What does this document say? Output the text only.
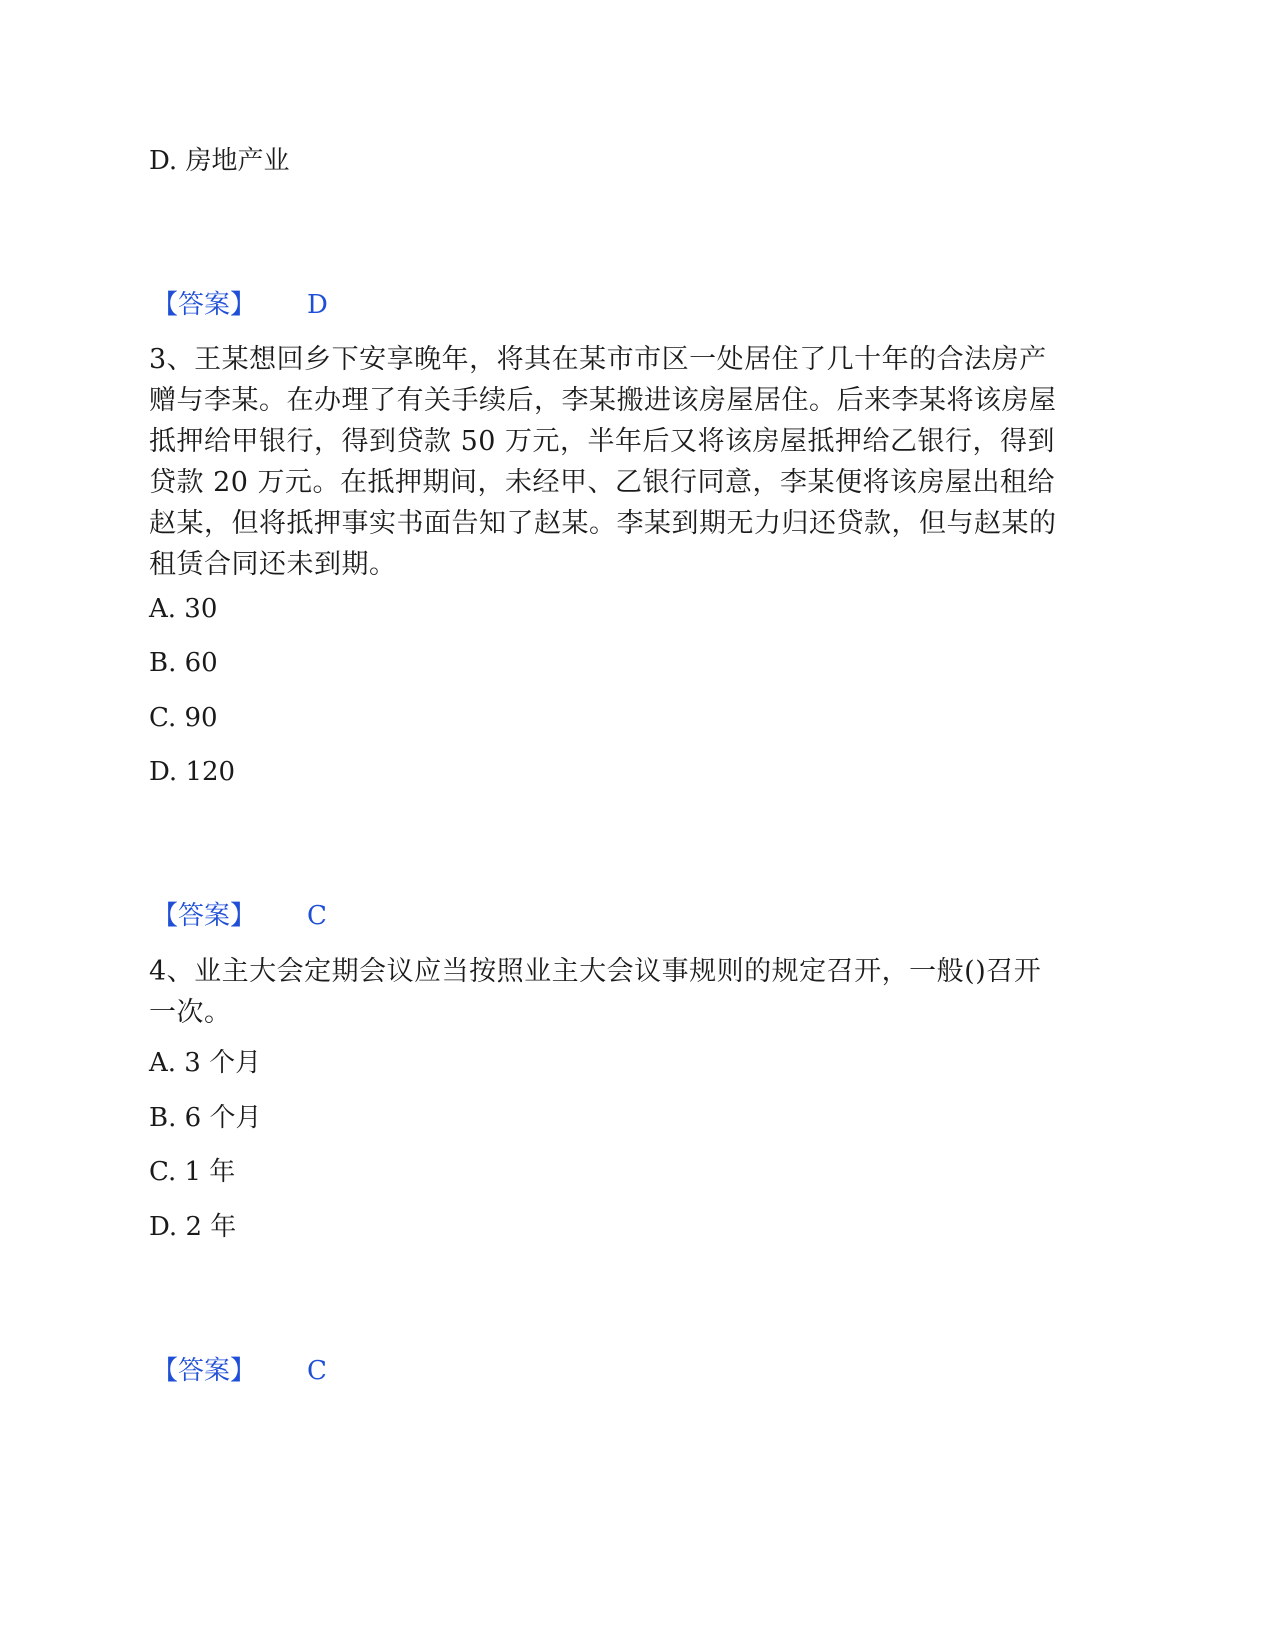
D. 房地产业
【答案】 D
3、王某想回乡下安享晚年，将其在某市市区一处居住了几十年的合法房产
赠与李某。在办理了有关手续后，李某搬进该房屋居住。后来李某将该房屋
抵押给甲银行，得到贷款 50 万元，半年后又将该房屋抵押给乙银行，得到
贷款 20 万元。在抵押期间，未经甲、乙银行同意，李某便将该房屋出租给
赵某，但将抵押事实书面告知了赵某。李某到期无力归还贷款，但与赵某的
租赁合同还未到期。
A. 30
B. 60
C. 90
D. 120
【答案】 C
4、业主大会定期会议应当按照业主大会议事规则的规定召开，一般()召开
一次。
A. 3 个月
B. 6 个月
C. 1 年
D. 2 年
【答案】 C
